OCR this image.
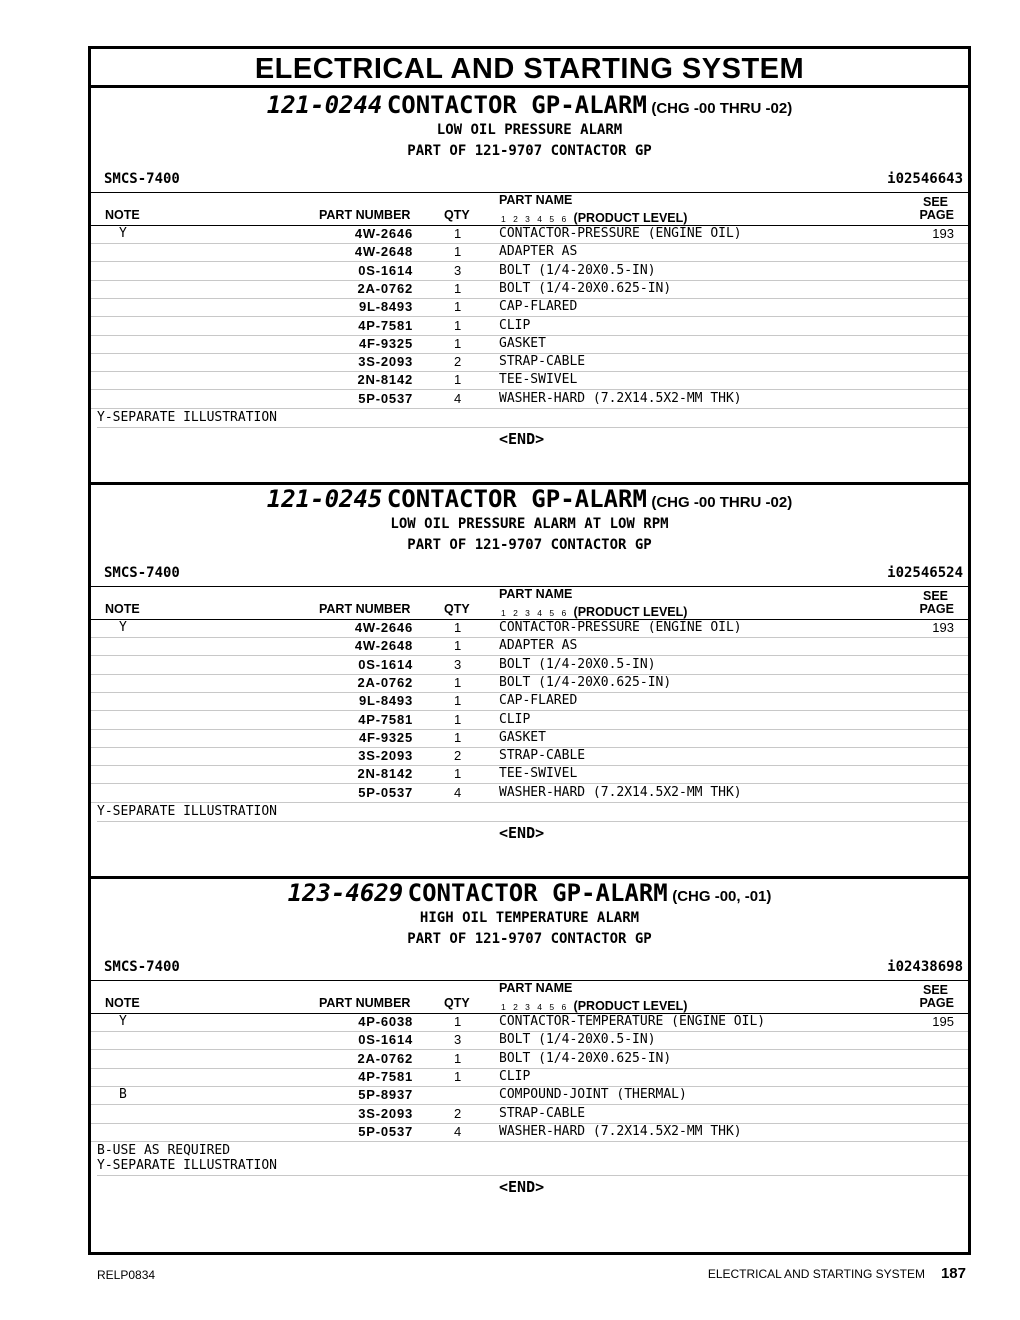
ELECTRICAL AND STARTING SYSTEM
121-0244 CONTACTOR GP-ALARM (CHG -00 THRU -02)
LOW OIL PRESSURE ALARM
PART OF 121-9707 CONTACTOR GP
SMCS-7400	i02546643
NOTE	PART NUMBER	QTY
PART NAME
1 2 3 4 5 6 (PRODUCT LEVEL)
SEE
PAGE
Y	4W-2646	1	CONTACTOR-PRESSURE (ENGINE OIL)	193
4W-2648	1	ADAPTER AS
0S-1614	3	BOLT (1/4-20X0.5-IN)
2A-0762	1	BOLT (1/4-20X0.625-IN)
9L-8493	1	CAP-FLARED
4P-7581	1	CLIP
4F-9325	1	GASKET
3S-2093	2	STRAP-CABLE
2N-8142	1	TEE-SWIVEL
5P-0537	4	WASHER-HARD (7.2X14.5X2-MM THK)
Y-SEPARATE ILLUSTRATION
<END>
121-0245 CONTACTOR GP-ALARM (CHG -00 THRU -02)
LOW OIL PRESSURE ALARM AT LOW RPM
PART OF 121-9707 CONTACTOR GP
SMCS-7400	i02546524
NOTE	PART NUMBER	QTY
PART NAME
1 2 3 4 5 6 (PRODUCT LEVEL)
SEE
PAGE
Y	4W-2646	1	CONTACTOR-PRESSURE (ENGINE OIL)	193
4W-2648	1	ADAPTER AS
0S-1614	3	BOLT (1/4-20X0.5-IN)
2A-0762	1	BOLT (1/4-20X0.625-IN)
9L-8493	1	CAP-FLARED
4P-7581	1	CLIP
4F-9325	1	GASKET
3S-2093	2	STRAP-CABLE
2N-8142	1	TEE-SWIVEL
5P-0537	4	WASHER-HARD (7.2X14.5X2-MM THK)
Y-SEPARATE ILLUSTRATION
<END>
123-4629 CONTACTOR GP-ALARM (CHG -00, -01)
HIGH OIL TEMPERATURE ALARM
PART OF 121-9707 CONTACTOR GP
SMCS-7400	i02438698
NOTE	PART NUMBER	QTY
PART NAME
1 2 3 4 5 6 (PRODUCT LEVEL)
SEE
PAGE
Y	4P-6038	1	CONTACTOR-TEMPERATURE (ENGINE OIL)	195
0S-1614	3	BOLT (1/4-20X0.5-IN)
2A-0762	1	BOLT (1/4-20X0.625-IN)
4P-7581	1	CLIP
B	5P-8937	COMPOUND-JOINT (THERMAL)
3S-2093	2	STRAP-CABLE
5P-0537	4	WASHER-HARD (7.2X14.5X2-MM THK)
B-USE AS REQUIRED
Y-SEPARATE ILLUSTRATION
<END>
RELP0834	ELECTRICAL AND STARTING SYSTEM 187
